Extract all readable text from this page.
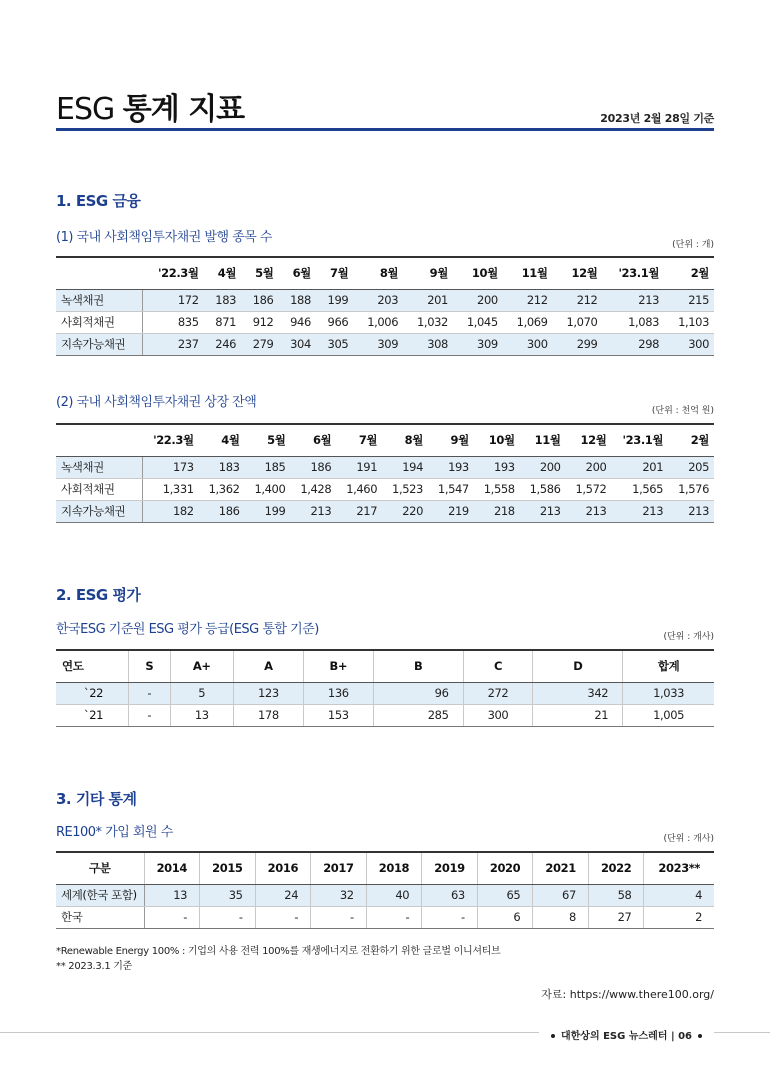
ESG 통계 지표	2023년 2월 28일 기준
1. ESG 금융
(1) 국내 사회책임투자채권 발행 종목 수	(단위 : 개)
	'22.3월	4월	5월	6월	7월	8월	9월	10월	11월	12월	'23.1월	2월
녹색채권	172	183	186	188	199	203	201	200	212	212	213	215
사회적채권	835	871	912	946	966	1,006	1,032	1,045	1,069	1,070	1,083	1,103
지속가능채권	237	246	279	304	305	309	308	309	300	299	298	300
(2) 국내 사회책임투자채권 상장 잔액
(단위 : 천억 원)
	'22.3월	4월	5월	6월	7월	8월	9월	10월	11월	12월	'23.1월	2월
녹색채권	173	183	185	186	191	194	193	193	200	200	201	205
사회적채권	1,331	1,362	1,400	1,428	1,460	1,523	1,547	1,558	1,586	1,572	1,565	1,576
지속가능채권	182	186	199	213	217	220	219	218	213	213	213	213
2. ESG 평가
한국ESG 기준원 ESG 평가 등급(ESG 통합 기준)	(단위 : 개사)
연도	S	A+	A	B+	B	C	D	합계
`22	-	5	123	136	96	272	342	1,033
`21	-	13	178	153	285	300	21	1,005
3. 기타 통계
RE100* 가입 회원 수	(단위 : 개사)
구분	2014	2015	2016	2017	2018	2019	2020	2021	2022	2023**
세계(한국 포함)	13	35	24	32	40	63	65	67	58	4
한국	-	-	-	-	-	-	6	8	27	2
*Renewable Energy 100% : 기업의 사용 전력 100%를 재생에너지로 전환하기 위한 글로벌 이니셔티브
** 2023.3.1 기준
자료: https://www.there100.org/
대한상의 ESG 뉴스레터 | 06
